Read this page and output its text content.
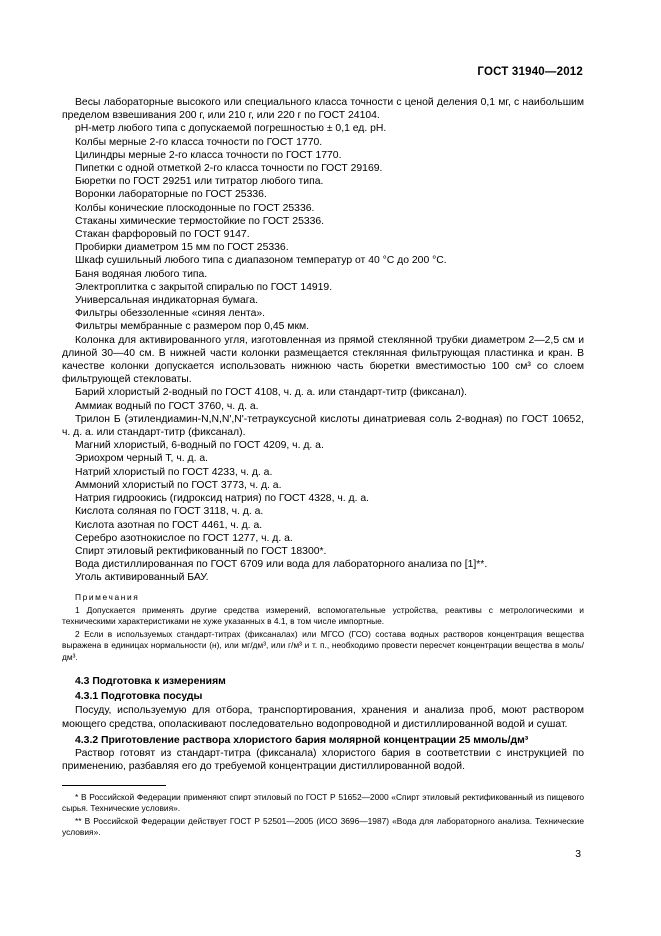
ГОСТ 31940—2012

Весы лабораторные высокого или специального класса точности с ценой деления 0,1 мг, с наибольшим пределом взвешивания 200 г, или 210 г, или 220 г по ГОСТ 24104.

рН-метр любого типа с допускаемой погрешностью ± 0,1 ед. рН.

Колбы мерные 2-го класса точности по ГОСТ 1770.

Цилиндры мерные 2-го класса точности по ГОСТ 1770.

Пипетки с одной отметкой 2-го класса точности по ГОСТ 29169.

Бюретки по ГОСТ 29251 или титратор любого типа.

Воронки лабораторные по ГОСТ 25336.

Колбы конические плоскодонные по ГОСТ 25336.

Стаканы химические термостойкие по ГОСТ 25336.

Стакан фарфоровый по ГОСТ 9147.

Пробирки диаметром 15 мм по ГОСТ 25336.

Шкаф сушильный любого типа с диапазоном температур от 40 °С до 200 °С.

Баня водяная любого типа.

Электроплитка с закрытой спиралью по ГОСТ 14919.

Универсальная индикаторная бумага.

Фильтры обеззоленные «синяя лента».

Фильтры мембранные с размером пор 0,45 мкм.

Колонка для активированного угля, изготовленная из прямой стеклянной трубки диаметром 2—2,5 см и длиной 30—40 см. В нижней части колонки размещается стеклянная фильтрующая пластинка и кран. В качестве колонки допускается использовать нижнюю часть бюретки вместимостью 100 см³ со слоем фильтрующей стекловаты.

Барий хлористый 2-водный по ГОСТ 4108, ч. д. а. или стандарт-титр (фиксанал).

Аммиак водный по ГОСТ 3760, ч. д. а.

Трилон Б (этилендиамин-N,N,N',N'-тетрауксусной кислоты динатриевая соль 2-водная) по ГОСТ 10652, ч. д. а. или стандарт-титр (фиксанал).

Магний хлористый, 6-водный по ГОСТ 4209, ч. д. а.

Эриохром черный Т, ч. д. а.

Натрий хлористый по ГОСТ 4233, ч. д. а.

Аммоний хлористый по ГОСТ 3773, ч. д. а.

Натрия гидроокись (гидроксид натрия) по ГОСТ 4328, ч. д. а.

Кислота соляная по ГОСТ 3118, ч. д. а.

Кислота азотная по ГОСТ 4461, ч. д. а.

Серебро азотнокислое по ГОСТ 1277, ч. д. а.

Спирт этиловый ректификованный по ГОСТ 18300*.

Вода дистиллированная по ГОСТ 6709 или вода для лабораторного анализа по [1]**.

Уголь активированный БАУ.

Примечания

1 Допускается применять другие средства измерений, вспомогательные устройства, реактивы с метрологическими и техническими характеристиками не хуже указанных в 4.1, в том числе импортные.

2 Если в используемых стандарт-титрах (фиксаналах) или МГСО (ГСО) состава водных растворов концентрация вещества выражена в единицах нормальности (н), или мг/дм³, или г/м³ и т. п., необходимо провести пересчет концентрации вещества в моль/дм³.

4.3 Подготовка к измерениям

4.3.1 Подготовка посуды

Посуду, используемую для отбора, транспортирования, хранения и анализа проб, моют раствором моющего средства, ополаскивают последовательно водопроводной и дистиллированной водой и сушат.

4.3.2 Приготовление раствора хлористого бария молярной концентрации 25 ммоль/дм³

Раствор готовят из стандарт-титра (фиксанала) хлористого бария в соответствии с инструкцией по применению, разбавляя его до требуемой концентрации дистиллированной водой.

* В Российской Федерации применяют спирт этиловый по ГОСТ Р 51652—2000 «Спирт этиловый ректификованный из пищевого сырья. Технические условия».

** В Российской Федерации действует ГОСТ Р 52501—2005 (ИСО 3696—1987) «Вода для лабораторного анализа. Технические условия».

3
